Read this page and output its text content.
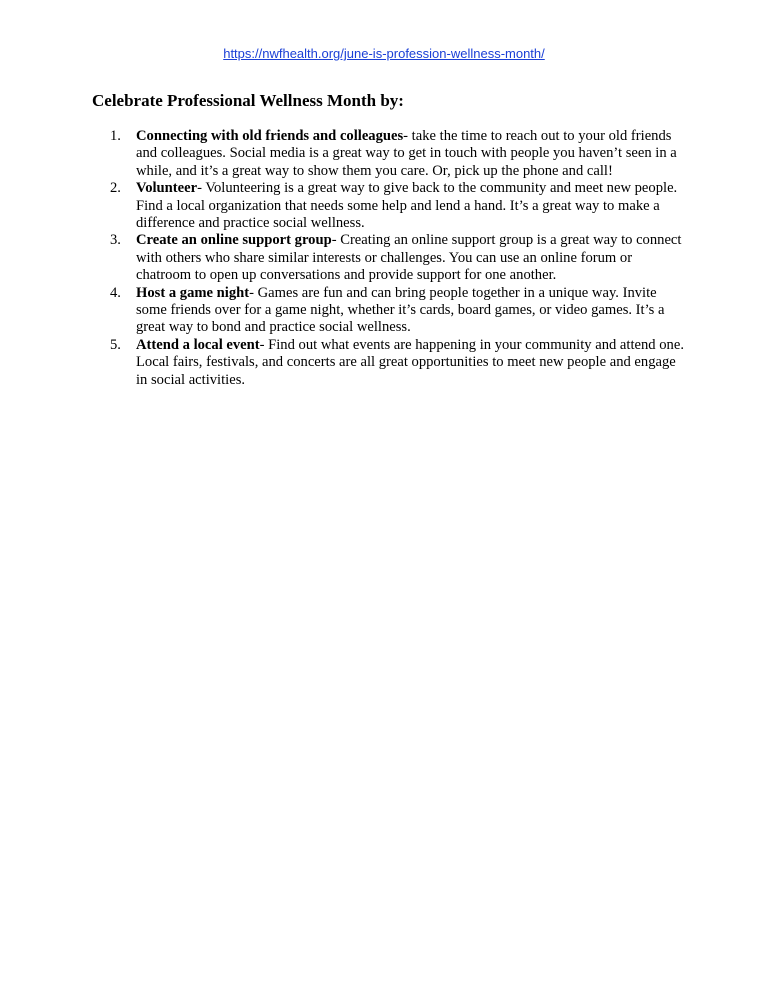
https://nwfhealth.org/june-is-profession-wellness-month/
Celebrate Professional Wellness Month by:
1. Connecting with old friends and colleagues- take the time to reach out to your old friends and colleagues. Social media is a great way to get in touch with people you haven’t seen in a while, and it’s a great way to show them you care. Or, pick up the phone and call!
2. Volunteer- Volunteering is a great way to give back to the community and meet new people. Find a local organization that needs some help and lend a hand. It’s a great way to make a difference and practice social wellness.
3. Create an online support group- Creating an online support group is a great way to connect with others who share similar interests or challenges. You can use an online forum or chatroom to open up conversations and provide support for one another.
4. Host a game night- Games are fun and can bring people together in a unique way. Invite some friends over for a game night, whether it’s cards, board games, or video games. It’s a great way to bond and practice social wellness.
5. Attend a local event- Find out what events are happening in your community and attend one. Local fairs, festivals, and concerts are all great opportunities to meet new people and engage in social activities.
